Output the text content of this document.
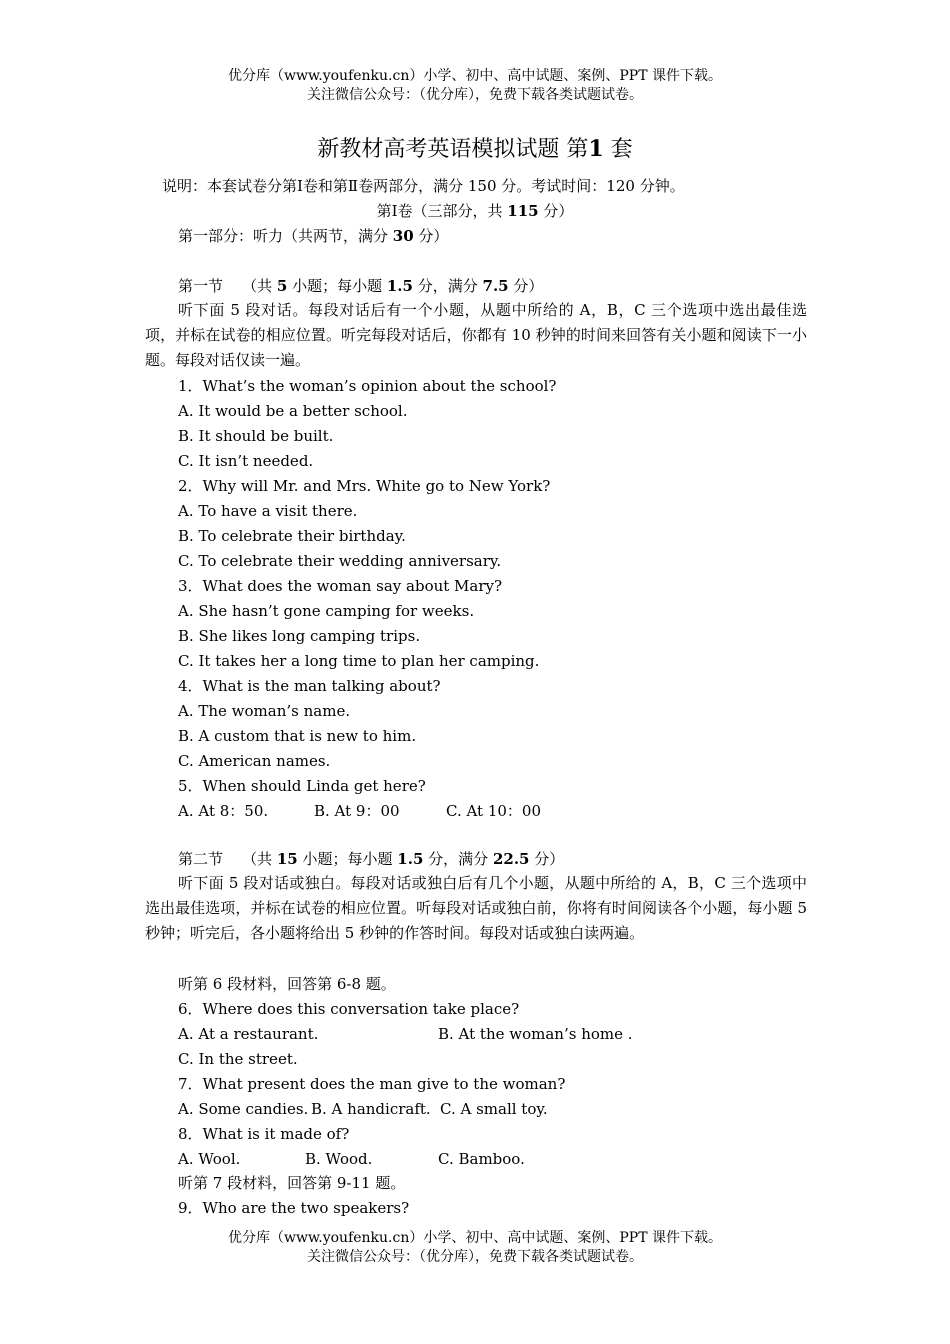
优分库（www.youfenku.cn）小学、初中、高中试题、案例、PPT 课件下载。
关注微信公众号：（优分库），免费下载各类试题试卷。
新教材高考英语模拟试题 第1 套
说明：本套试卷分第Ⅰ卷和第Ⅱ卷两部分，满分 150 分。考试时间：120 分钟。
第Ⅰ卷（三部分，共 115 分）
第一部分：听力（共两节，满分 30 分）
第一节 （共 5 小题；每小题 1.5 分，满分 7.5 分）
听下面 5 段对话。每段对话后有一个小题，从题中所给的 A，B，C 三个选项中选出最佳选项，并标在试卷的相应位置。听完每段对话后，你都有 10 秒钟的时间来回答有关小题和阅读下一小题。每段对话仅读一遍。
1．What’s the woman’s opinion about the school?
A. It would be a better school.
B. It should be built.
C. It isn’t needed.
2．Why will Mr. and Mrs. White go to New York?
A. To have a visit there.
B. To celebrate their birthday.
C. To celebrate their wedding anniversary.
3．What does the woman say about Mary?
A. She hasn’t gone camping for weeks.
B. She likes long camping trips.
C. It takes her a long time to plan her camping.
4．What is the man talking about?
A. The woman’s name.
B. A custom that is new to him.
C. American names.
5．When should Linda get here?
A. At 8：50.	B. At 9：00	C. At 10：00
第二节 （共 15 小题；每小题 1.5 分，满分 22.5 分）
听下面 5 段对话或独白。每段对话或独白后有几个小题，从题中所给的 A，B，C 三个选项中选出最佳选项，并标在试卷的相应位置。听每段对话或独白前，你将有时间阅读各个小题，每小题 5 秒钟；听完后，各小题将给出 5 秒钟的作答时间。每段对话或独白读两遍。
听第 6 段材料，回答第 6-8 题。
6．Where does this conversation take place?
A. At a restaurant.	B. At the woman’s home .
C. In the street.
7．What present does the man give to the woman?
A. Some candies. B. A handicraft. C. A small toy.
8．What is it made of?
A. Wool.	B. Wood.	C. Bamboo.
听第 7 段材料，回答第 9-11 题。
9．Who are the two speakers?
优分库（www.youfenku.cn）小学、初中、高中试题、案例、PPT 课件下载。
关注微信公众号：（优分库），免费下载各类试题试卷。
